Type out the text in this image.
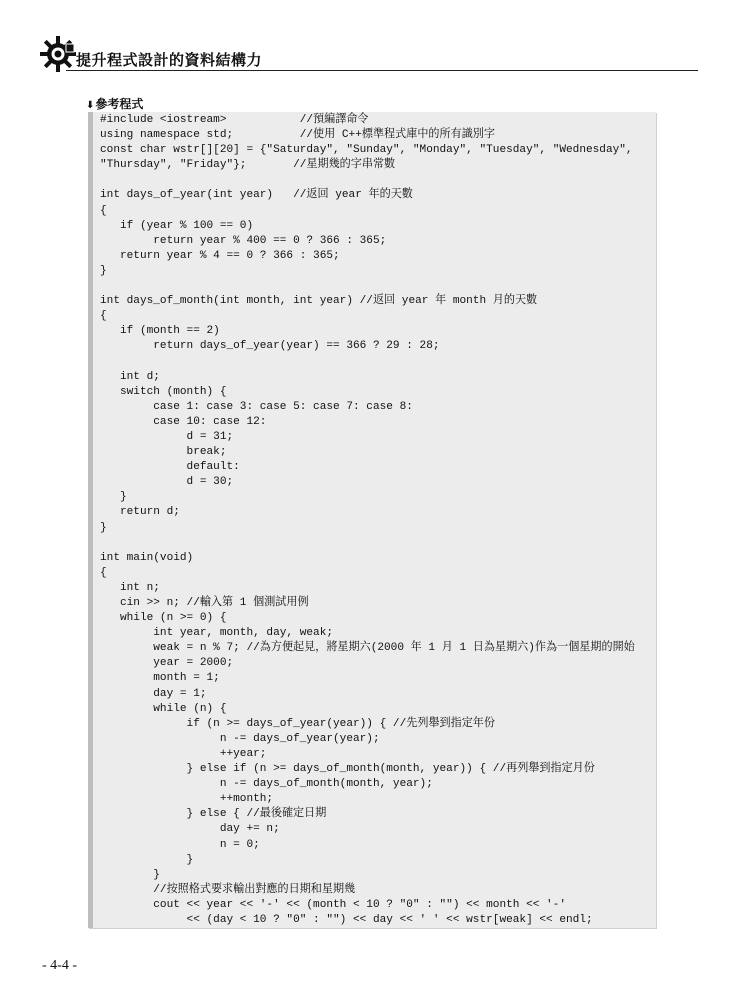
提升程式設計的資料結構力
⬇參考程式
#include <iostream>           //預編譯命令
using namespace std;          //使用 C++標準程式庫中的所有識別字
const char wstr[][20] = {"Saturday", "Sunday", "Monday", "Tuesday", "Wednesday",
"Thursday", "Friday"};       //星期幾的字串常數
int days_of_year(int year)   //返回 year 年的天數
{
if (year % 100 == 0)
return year % 400 == 0 ? 366 : 365;
return year % 4 == 0 ? 366 : 365;
}
int days_of_month(int month, int year) //返回 year 年 month 月的天數
{
if (month == 2)
return days_of_year(year) == 366 ? 29 : 28;
int d;
switch (month) {
case 1: case 3: case 5: case 7: case 8:
case 10: case 12:
d = 31;
break;
default:
d = 30;
}
return d;
}
int main(void)
{
int n;
cin >> n; //輸入第 1 個測試用例
while (n >= 0) {
int year, month, day, weak;
weak = n % 7; //為方便起見，將星期六(2000 年 1 月 1 日為星期六)作為一個星期的開始
year = 2000;
month = 1;
day = 1;
while (n) {
if (n >= days_of_year(year)) { //先列舉到指定年份
n -= days_of_year(year);
++year;
} else if (n >= days_of_month(month, year)) { //再列舉到指定月份
n -= days_of_month(month, year);
++month;
} else { //最後確定日期
day += n;
n = 0;
}
}
//按照格式要求輸出對應的日期和星期幾
cout << year << '-' << (month < 10 ? "0" : "") << month << '-'
<< (day < 10 ? "0" : "") << day << ' ' << wstr[weak] << endl;
- 4-4 -
